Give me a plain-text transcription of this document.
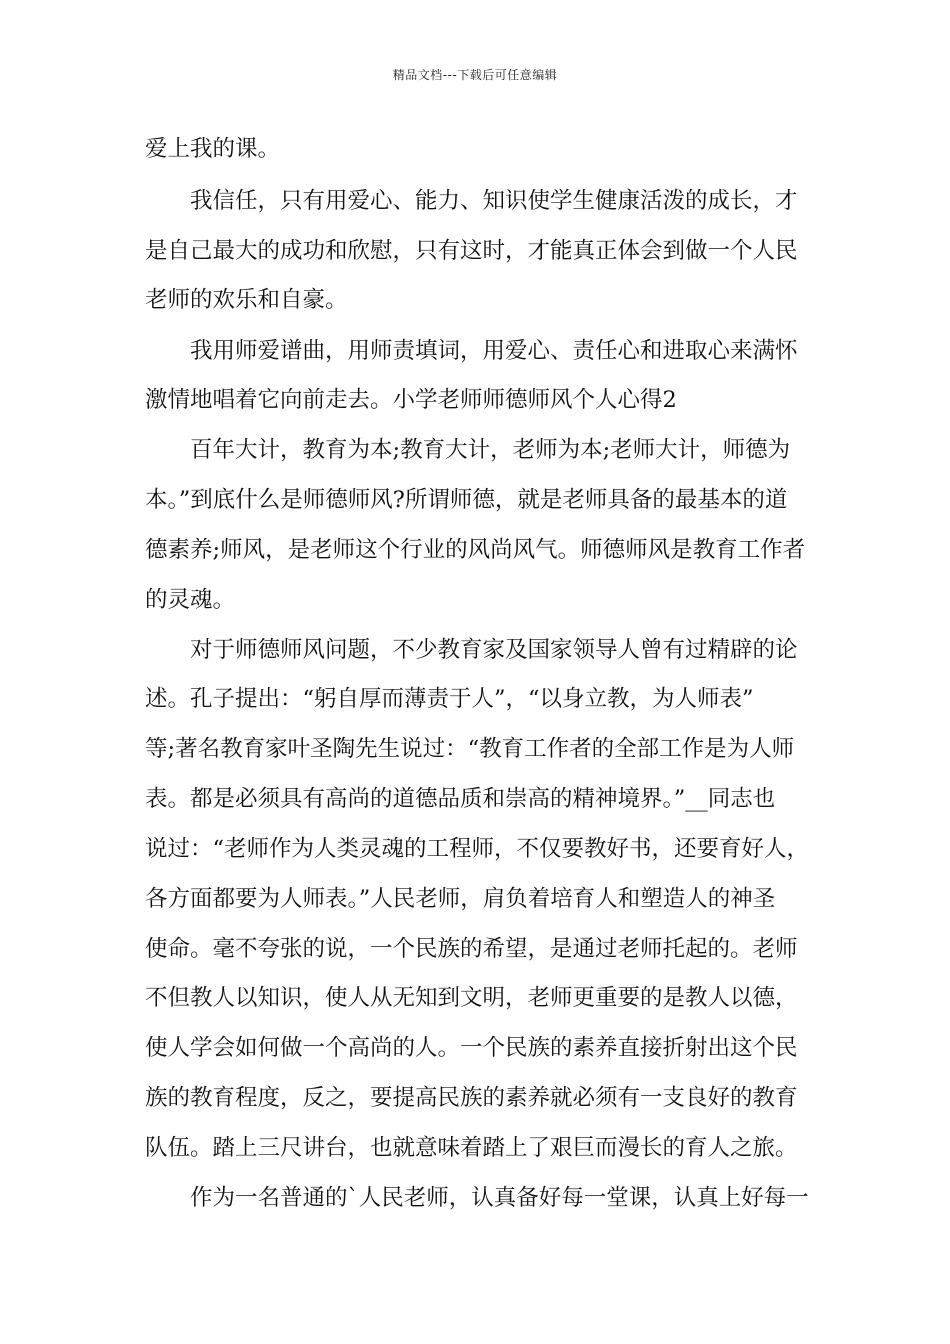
精品文档---下载后可任意编辑
爱上我的课。
我信任，只有用爱心、能力、知识使学生健康活泼的成长，才
是自己最大的成功和欣慰，只有这时，才能真正体会到做一个人民
老师的欢乐和自豪。
我用师爱谱曲，用师责填词，用爱心、责任心和进取心来满怀
激情地唱着它向前走去。小学老师师德师风个人心得2
百年大计，教育为本;教育大计，老师为本;老师大计，师德为
本。”到底什么是师德师风?所谓师德，就是老师具备的最基本的道
德素养;师风，是老师这个行业的风尚风气。师德师风是教育工作者
的灵魂。
对于师德师风问题，不少教育家及国家领导人曾有过精辟的论
述。孔子提出：“躬自厚而薄责于人”，“以身立教，为人师表”
等;著名教育家叶圣陶先生说过：“教育工作者的全部工作是为人师
表。都是必须具有高尚的道德品质和崇高的精神境界。”__同志也
说过：“老师作为人类灵魂的工程师，不仅要教好书，还要育好人，
各方面都要为人师表。”人民老师，肩负着培育人和塑造人的神圣
使命。毫不夸张的说，一个民族的希望，是通过老师托起的。老师
不但教人以知识，使人从无知到文明，老师更重要的是教人以德，
使人学会如何做一个高尚的人。一个民族的素养直接折射出这个民
族的教育程度，反之，要提高民族的素养就必须有一支良好的教育
队伍。踏上三尺讲台，也就意味着踏上了艰巨而漫长的育人之旅。
作为一名普通的`人民老师，认真备好每一堂课，认真上好每一
